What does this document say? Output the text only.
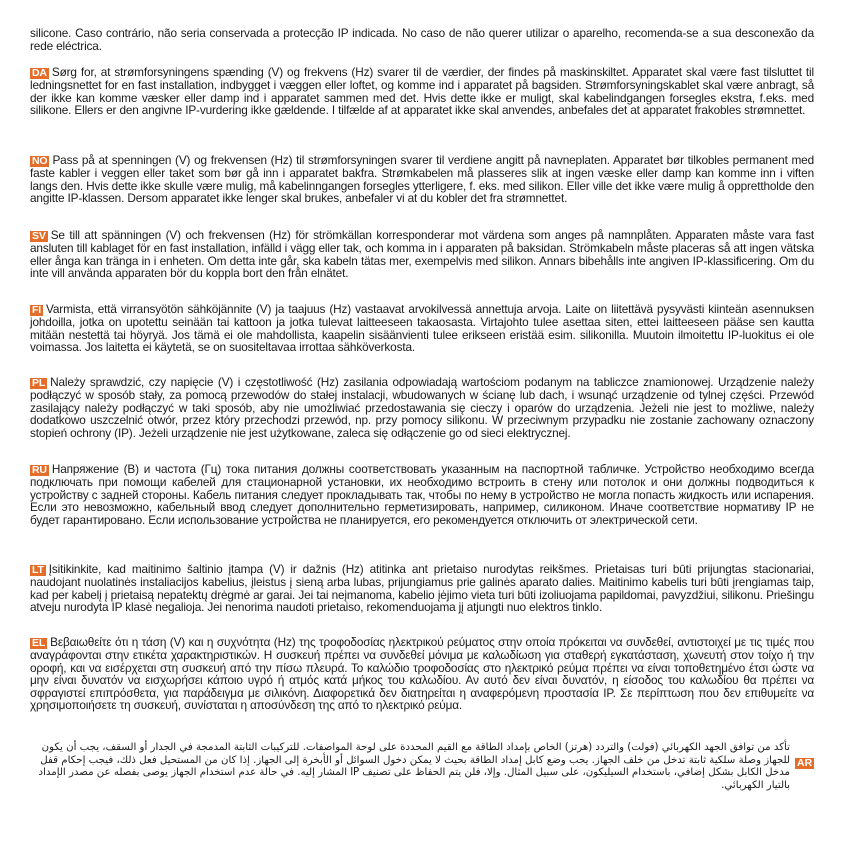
silicone. Caso contrário, não seria conservada a protecção IP indicada. No caso de não querer utilizar o aparelho, recomenda-se a sua desconexão da rede eléctrica.

DA Sørg for, at strømforsyningens spænding (V) og frekvens (Hz) svarer til de værdier, der findes på maskinskiltet. Apparatet skal være fast tilsluttet til ledningsnettet for en fast installation, indbygget i væggen eller loftet, og komme ind i apparatet på bagsiden. Strømforsyningskablet skal være anbragt, så der ikke kan komme væsker eller damp ind i apparatet sammen med det. Hvis dette ikke er muligt, skal kabelindgangen forsegles ekstra, f.eks. med silikone. Ellers er den angivne IP-vurdering ikke gældende. I tilfælde af at apparatet ikke skal anvendes, anbefales det at apparatet frakobles strømnettet.

NO Pass på at spenningen (V) og frekvensen (Hz) til strømforsyningen svarer til verdiene angitt på navneplaten. Apparatet bør tilkobles permanent med faste kabler i veggen eller taket som bør gå inn i apparatet bakfra. Strømkabelen må plasseres slik at ingen væske eller damp kan komme inn i viften langs den. Hvis dette ikke skulle være mulig, må kabelinngangen forsegles ytterligere, f. eks. med silikon. Eller ville det ikke være mulig å opprettholde den angitte IP-klassen. Dersom apparatet ikke lenger skal brukes, anbefaler vi at du kobler det fra strømnettet.

SV Se till att spänningen (V) och frekvensen (Hz) för strömkällan korresponderar mot värdena som anges på namnplåten. Apparaten måste vara fast ansluten till kablaget för en fast installation, infälld i vägg eller tak, och komma in i apparaten på baksidan. Strömkabeln måste placeras så att ingen vätska eller ånga kan tränga in i enheten. Om detta inte går, ska kabeln tätas mer, exempelvis med silikon. Annars bibehålls inte angiven IP-klassificering. Om du inte vill använda apparaten bör du koppla bort den från elnätet.

FI Varmista, että virransyötön sähköjännite (V) ja taajuus (Hz) vastaavat arvokilvessä annettuja arvoja. Laite on liitettävä pysyvästi kiinteän asennuksen johdoilla, jotka on upotettu seinään tai kattoon ja jotka tulevat laitteeseen takaosasta. Virtajohto tulee asettaa siten, ettei laitteeseen pääse sen kautta mitään nestettä tai höyryä. Jos tämä ei ole mahdollista, kaapelin sisäänvienti tulee erikseen eristää esim. silikonilla. Muutoin ilmoitettu IP-luokitus ei ole voimassa. Jos laitetta ei käytetä, se on suositeltavaa irrottaa sähköverkosta.

PL Należy sprawdzić, czy napięcie (V) i częstotliwość (Hz) zasilania odpowiadają wartościom podanym na tabliczce znamionowej. Urządzenie należy podłączyć w sposób stały, za pomocą przewodów do stałej instalacji, wbudowanych w ścianę lub dach, i wsunąć urządzenie od tylnej części. Przewód zasilający należy podłączyć w taki sposób, aby nie umożliwiać przedostawania się cieczy i oparów do urządzenia. Jeżeli nie jest to możliwe, należy dodatkowo uszczelnić otwór, przez który przechodzi przewód, np. przy pomocy silikonu. W przeciwnym przypadku nie zostanie zachowany oznaczony stopień ochrony (IP). Jeżeli urządzenie nie jest użytkowane, zaleca się odłączenie go od sieci elektrycznej.

RU Напряжение (В) и частота (Гц) тока питания должны соответствовать указанным на паспортной табличке. Устройство необходимо всегда подключать при помощи кабелей для стационарной установки, их необходимо встроить в стену или потолок и они должны подводиться к устройству с задней стороны. Кабель питания следует прокладывать так, чтобы по нему в устройство не могла попасть жидкость или испарения. Если это невозможно, кабельный ввод следует дополнительно герметизировать, например, силиконом. Иначе соответствие нормативу IP не будет гарантировано. Если использование устройства не планируется, его рекомендуется отключить от электрической сети.

LT Įsitikinkite, kad maitinimo šaltinio įtampa (V) ir dažnis (Hz) atitinka ant prietaiso nurodytas reikšmes. Prietaisas turi būti prijungtas stacionariai, naudojant nuolatinės instaliacijos kabelius, įleistus į sieną arba lubas, prijungiamus prie galinės aparato dalies. Maitinimo kabelis turi būti įrengiamas taip, kad per kabelį į prietaisą nepatektų drėgmė ar garai. Jei tai neįmanoma, kabelio įėjimo vieta turi būti izoliuojama papildomai, pavyzdžiui, silikonu. Priešingu atveju nurodyta IP klasė negalioja. Jei nenorima naudoti prietaiso, rekomenduojama jį atjungti nuo elektros tinklo.

EL Βεβαιωθείτε ότι η τάση (V) και η συχνότητα (Hz) της τροφοδοσίας ηλεκτρικού ρεύματος στην οποία πρόκειται να συνδεθεί, αντιστοιχεί με τις τιμές που αναγράφονται στην ετικέτα χαρακτηριστικών. Η συσκευή πρέπει να συνδεθεί μόνιμα με καλωδίωση για σταθερή εγκατάσταση, χωνευτή στον τοίχο ή την οροφή, και να εισέρχεται στη συσκευή από την πίσω πλευρά. Το καλώδιο τροφοδοσίας στο ηλεκτρικό ρεύμα πρέπει να είναι τοποθετημένο έτσι ώστε να μην είναι δυνατόν να εισχωρήσει κάποιο υγρό ή ατμός κατά μήκος του καλωδίου. Αν αυτό δεν είναι δυνατόν, η είσοδος του καλωδίου θα πρέπει να σφραγιστεί επιπρόσθετα, για παράδειγμα με σιλικόνη. Διαφορετικά δεν διατηρείται η αναφερόμενη προστασία IP. Σε περίπτωση που δεν επιθυμείτε να χρησιμοποιήσετε τη συσκευή, συνίσταται η αποσύνδεση της από το ηλεκτρικό ρεύμα.

AR

تأكد من توافق الجهد الكهربائي (فولت) والتردد (هرتز) الخاص بإمداد الطاقة مع القيم المحددة على لوحة المواصفات. للتركيبات الثابتة المدمجة في الجدار أو السقف، يجب أن يكون للجهاز وصلة سلكية ثابتة تدخل من خلف الجهاز. يجب وضع كابل إمداد الطاقة بحيث لا يمكن دخول السوائل أو الأبخرة إلى الجهاز. إذا كان من المستحيل فعل ذلك، فيجب إحكام قفل مدخل الكابل بشكل إضافي، باستخدام السيليكون، على سبيل المثال. وإلا، فلن يتم الحفاظ على تصنيف IP المشار إليه. في حالة عدم استخدام الجهاز يوصى بفصله عن مصدر الإمداد بالتيار الكهربائي.
